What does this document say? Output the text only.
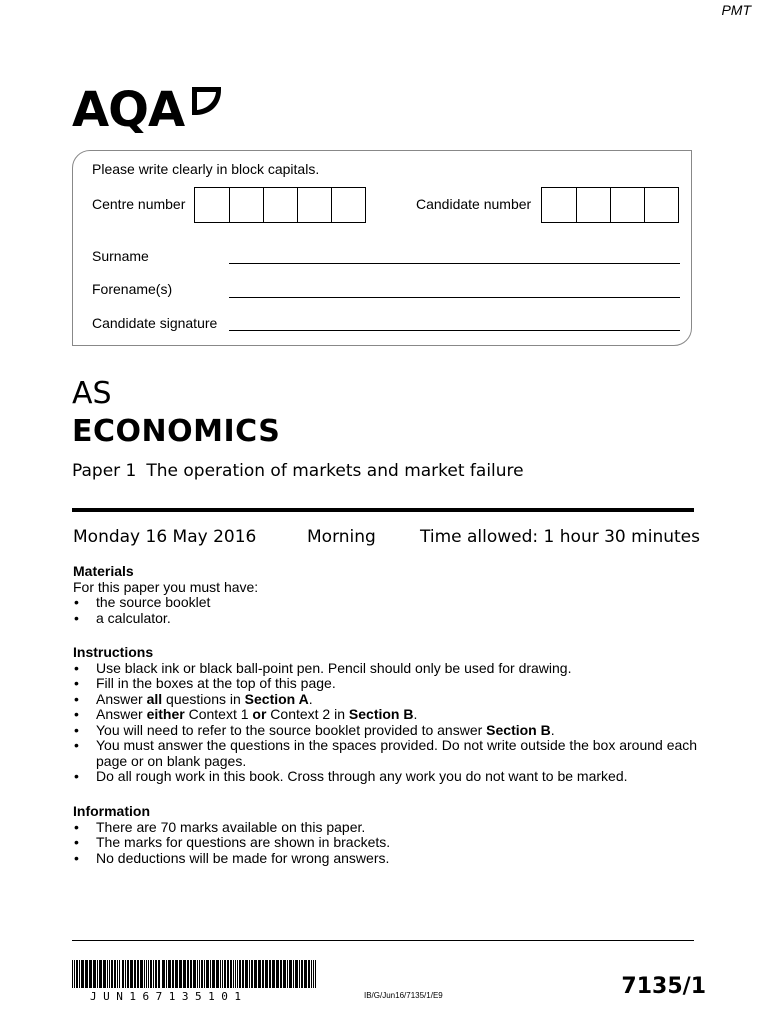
PMT
AQA
Please write clearly in block capitals.
Centre number	Candidate number
Surname
Forename(s)
Candidate signature
AS
ECONOMICS
Paper 1 The operation of markets and market failure
Monday 16 May 2016	Morning	Time allowed: 1 hour 30 minutes
Materials

For this paper you must have:

• the source booklet
• a calculator.
Instructions
• Use black ink or black ball-point pen. Pencil should only be used for drawing.
• Fill in the boxes at the top of this page.
• Answer all questions in Section A.
• Answer either Context 1 or Context 2 in Section B.
• You will need to refer to the source booklet provided to answer Section B.
• You must answer the questions in the spaces provided. Do not write outside the box around each page or on blank pages.
• Do all rough work in this book. Cross through any work you do not want to be marked.
Information
• There are 70 marks available on this paper.
• The marks for questions are shown in brackets.
• No deductions will be made for wrong answers.
JUN167135101	IB/G/Jun16/7135/1/E9	7135/1
